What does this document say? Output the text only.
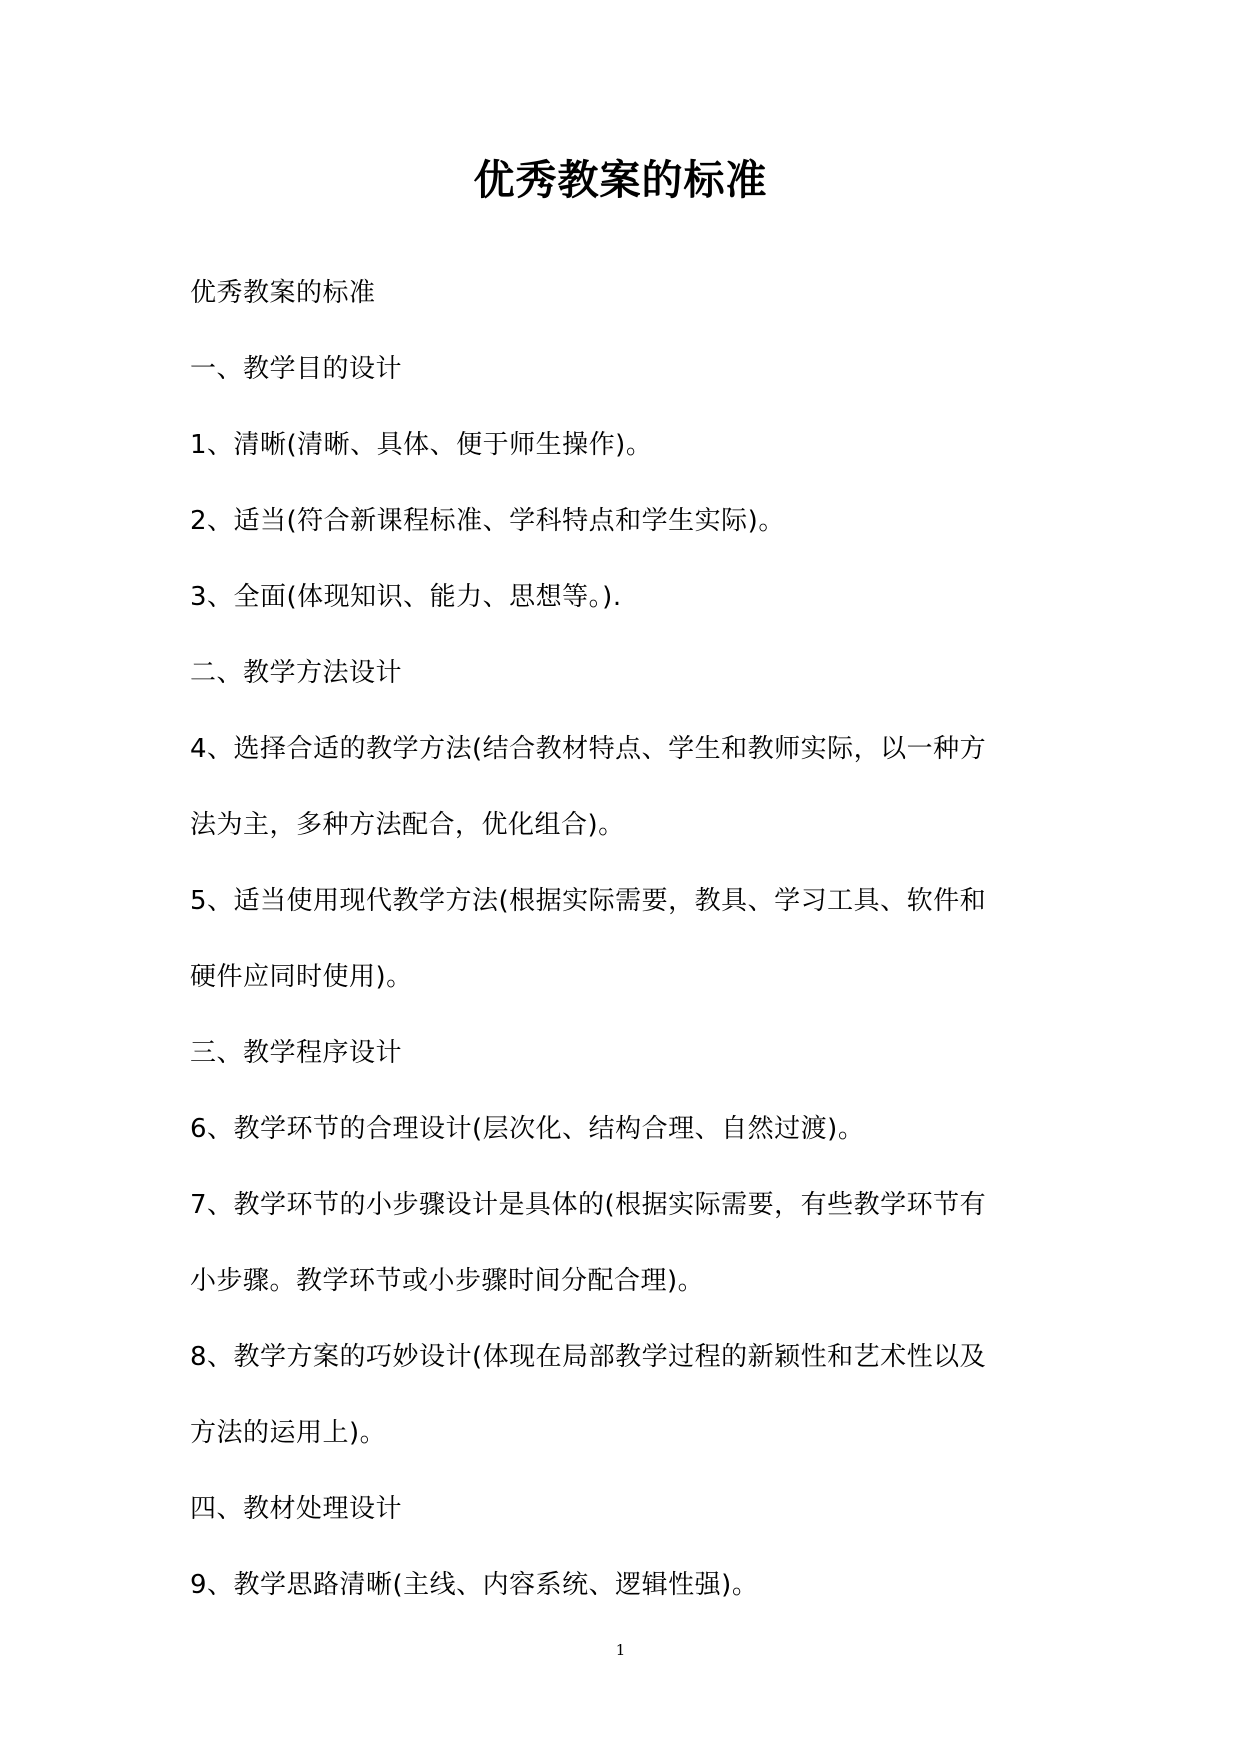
优秀教案的标准
优秀教案的标准
一、教学目的设计
1、清晰(清晰、具体、便于师生操作)。
2、适当(符合新课程标准、学科特点和学生实际)。
3、全面(体现知识、能力、思想等。).
二、教学方法设计
4、选择合适的教学方法(结合教材特点、学生和教师实际，以一种方
法为主，多种方法配合，优化组合)。
5、适当使用现代教学方法(根据实际需要，教具、学习工具、软件和
硬件应同时使用)。
三、教学程序设计
6、教学环节的合理设计(层次化、结构合理、自然过渡)。
7、教学环节的小步骤设计是具体的(根据实际需要，有些教学环节有
小步骤。教学环节或小步骤时间分配合理)。
8、教学方案的巧妙设计(体现在局部教学过程的新颖性和艺术性以及
方法的运用上)。
四、教材处理设计
9、教学思路清晰(主线、内容系统、逻辑性强)。
1
